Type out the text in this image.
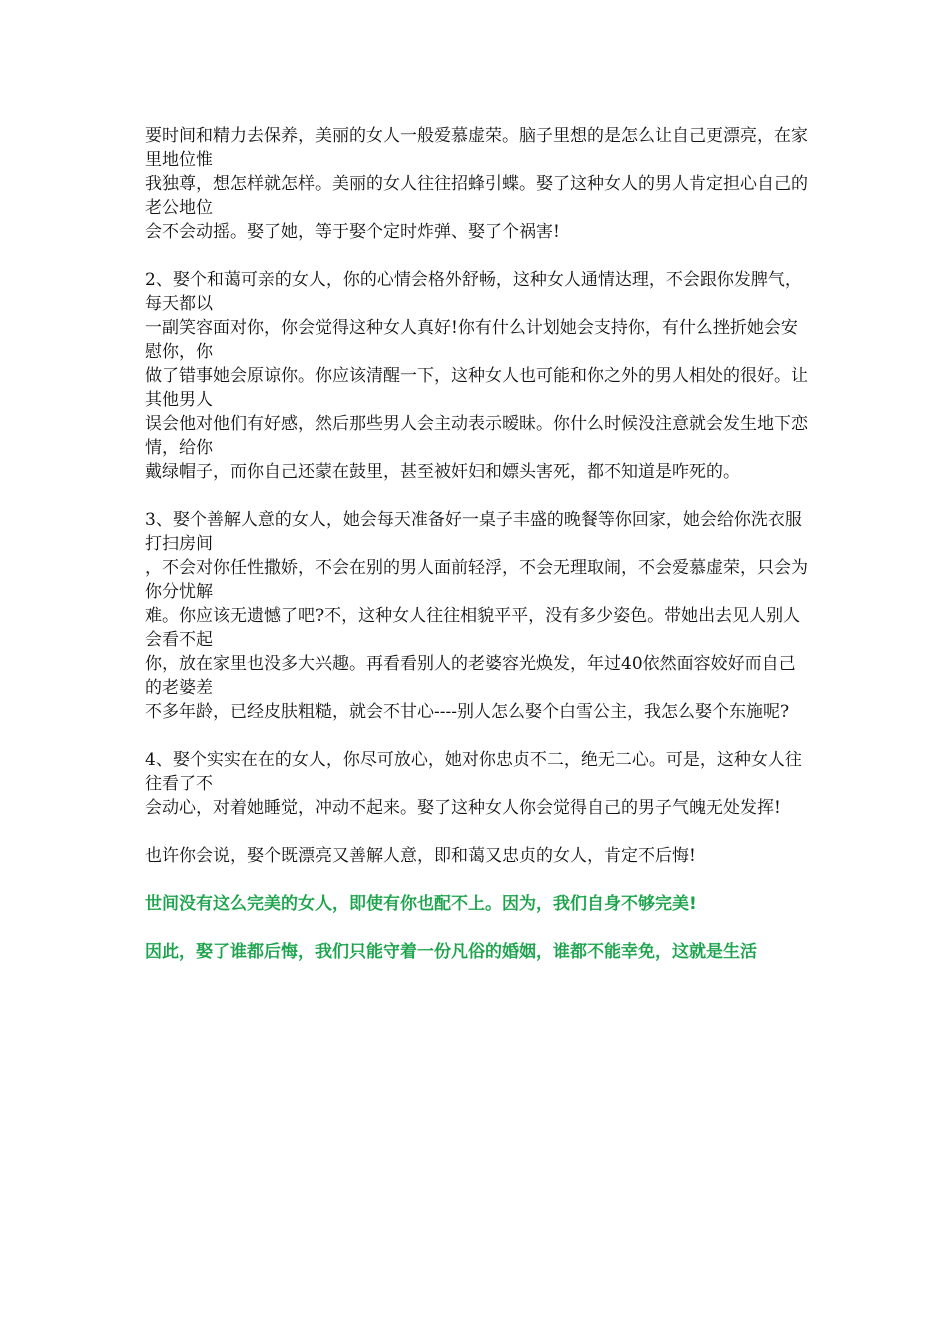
要时间和精力去保养，美丽的女人一般爱慕虚荣。脑子里想的是怎么让自己更漂亮，在家里地位惟
我独尊，想怎样就怎样。美丽的女人往往招蜂引蝶。娶了这种女人的男人肯定担心自己的老公地位
会不会动摇。娶了她，等于娶个定时炸弹、娶了个祸害!
2、娶个和蔼可亲的女人，你的心情会格外舒畅，这种女人通情达理，不会跟你发脾气，每天都以
一副笑容面对你，你会觉得这种女人真好!你有什么计划她会支持你，有什么挫折她会安慰你，你
做了错事她会原谅你。你应该清醒一下，这种女人也可能和你之外的男人相处的很好。让其他男人
误会他对他们有好感，然后那些男人会主动表示暧昧。你什么时候没注意就会发生地下恋情，给你
戴绿帽子，而你自己还蒙在鼓里，甚至被奸妇和嫖头害死，都不知道是咋死的。
3、娶个善解人意的女人，她会每天准备好一桌子丰盛的晚餐等你回家，她会给你洗衣服打扫房间
，不会对你任性撒娇，不会在别的男人面前轻浮，不会无理取闹，不会爱慕虚荣，只会为你分忧解
难。你应该无遗憾了吧?不，这种女人往往相貌平平，没有多少姿色。带她出去见人别人会看不起
你，放在家里也没多大兴趣。再看看别人的老婆容光焕发，年过40依然面容姣好而自己的老婆差
不多年龄，已经皮肤粗糙，就会不甘心----别人怎么娶个白雪公主，我怎么娶个东施呢?
4、娶个实实在在的女人，你尽可放心，她对你忠贞不二，绝无二心。可是，这种女人往往看了不
会动心，对着她睡觉，冲动不起来。娶了这种女人你会觉得自己的男子气魄无处发挥!
也许你会说，娶个既漂亮又善解人意，即和蔼又忠贞的女人，肯定不后悔!
世间没有这么完美的女人，即使有你也配不上。因为，我们自身不够完美!
因此，娶了谁都后悔，我们只能守着一份凡俗的婚姻，谁都不能幸免，这就是生活
